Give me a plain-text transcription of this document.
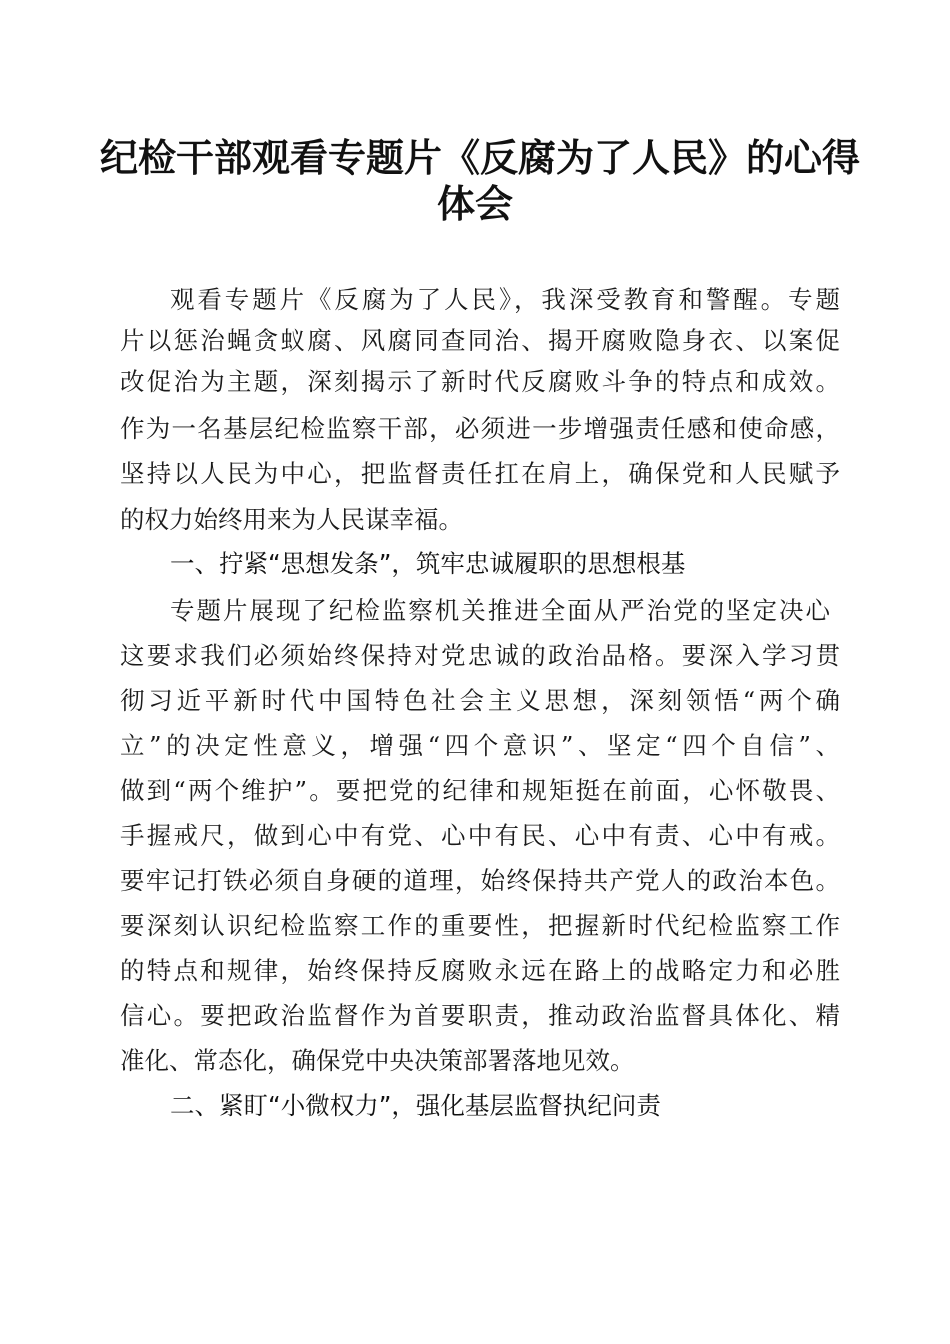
纪检干部观看专题片《反腐为了人民》的心得
体会
观看专题片《反腐为了人民》，我深受教育和警醒。专题
片以惩治蝇贪蚁腐、风腐同查同治、揭开腐败隐身衣、以案促
改促治为主题，深刻揭示了新时代反腐败斗争的特点和成效。
作为一名基层纪检监察干部，必须进一步增强责任感和使命感，
坚持以人民为中心，把监督责任扛在肩上，确保党和人民赋予
的权力始终用来为人民谋幸福。
一、拧紧“思想发条”，筑牢忠诚履职的思想根基
专题片展现了纪检监察机关推进全面从严治党的坚定决心
这要求我们必须始终保持对党忠诚的政治品格。要深入学习贯
彻习近平新时代中国特色社会主义思想，深刻领悟“两个确
立”的决定性意义，增强“四个意识”、坚定“四个自信”、
做到“两个维护”。要把党的纪律和规矩挺在前面，心怀敬畏、
手握戒尺，做到心中有党、心中有民、心中有责、心中有戒。
要牢记打铁必须自身硬的道理，始终保持共产党人的政治本色。
要深刻认识纪检监察工作的重要性，把握新时代纪检监察工作
的特点和规律，始终保持反腐败永远在路上的战略定力和必胜
信心。要把政治监督作为首要职责，推动政治监督具体化、精
准化、常态化，确保党中央决策部署落地见效。
二、紧盯“小微权力”，强化基层监督执纪问责
